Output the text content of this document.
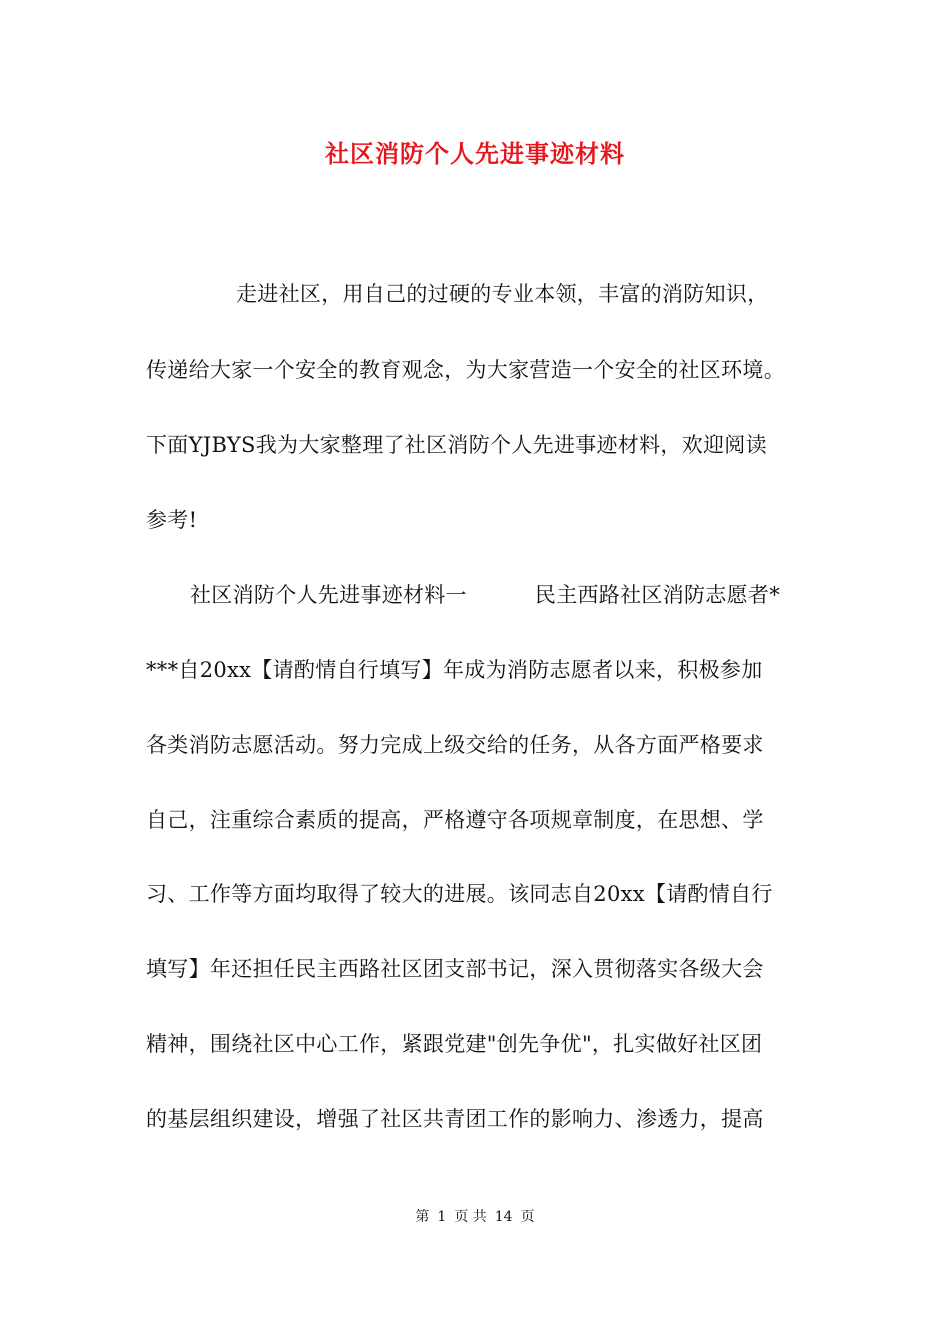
社区消防个人先进事迹材料
走进社区，用自己的过硬的专业本领，丰富的消防知识，
传递给大家一个安全的教育观念，为大家营造一个安全的社区环境。
下面YJBYS我为大家整理了社区消防个人先进事迹材料，欢迎阅读
参考!
社区消防个人先进事迹材料一	民主西路社区消防志愿者*
***自20xx【请酌情自行填写】年成为消防志愿者以来，积极参加
各类消防志愿活动。努力完成上级交给的任务，从各方面严格要求
自己，注重综合素质的提高，严格遵守各项规章制度，在思想、学
习、工作等方面均取得了较大的进展。该同志自20xx【请酌情自行
填写】年还担任民主西路社区团支部书记，深入贯彻落实各级大会
精神，围绕社区中心工作，紧跟党建"创先争优"，扎实做好社区团
的基层组织建设，增强了社区共青团工作的影响力、渗透力，提高
第 1 页 共 14 页
